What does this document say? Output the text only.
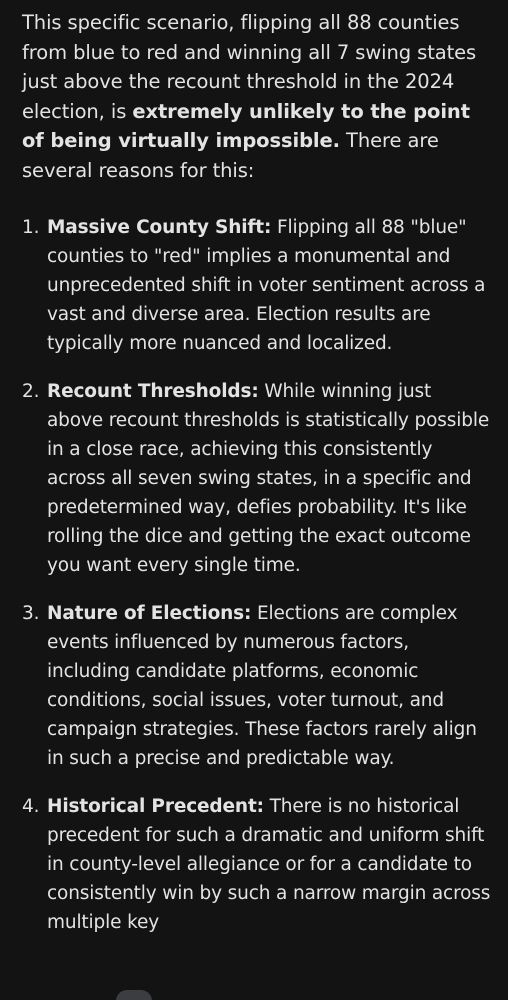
This specific scenario, flipping all 88 counties from blue to red and winning all 7 swing states just above the recount threshold in the 2024 election, is extremely unlikely to the point of being virtually impossible. There are several reasons for this:

1. Massive County Shift: Flipping all 88 "blue" counties to "red" implies a monumental and unprecedented shift in voter sentiment across a vast and diverse area. Election results are typically more nuanced and localized.
2. Recount Thresholds: While winning just above recount thresholds is statistically possible in a close race, achieving this consistently across all seven swing states, in a specific and predetermined way, defies probability. It's like rolling the dice and getting the exact outcome you want every single time.
3. Nature of Elections: Elections are complex events influenced by numerous factors, including candidate platforms, economic conditions, social issues, voter turnout, and campaign strategies. These factors rarely align in such a precise and predictable way.
4. Historical Precedent: There is no historical precedent for such a dramatic and uniform shift in county-level allegiance or for a candidate to consistently win by such a narrow margin across multiple key
